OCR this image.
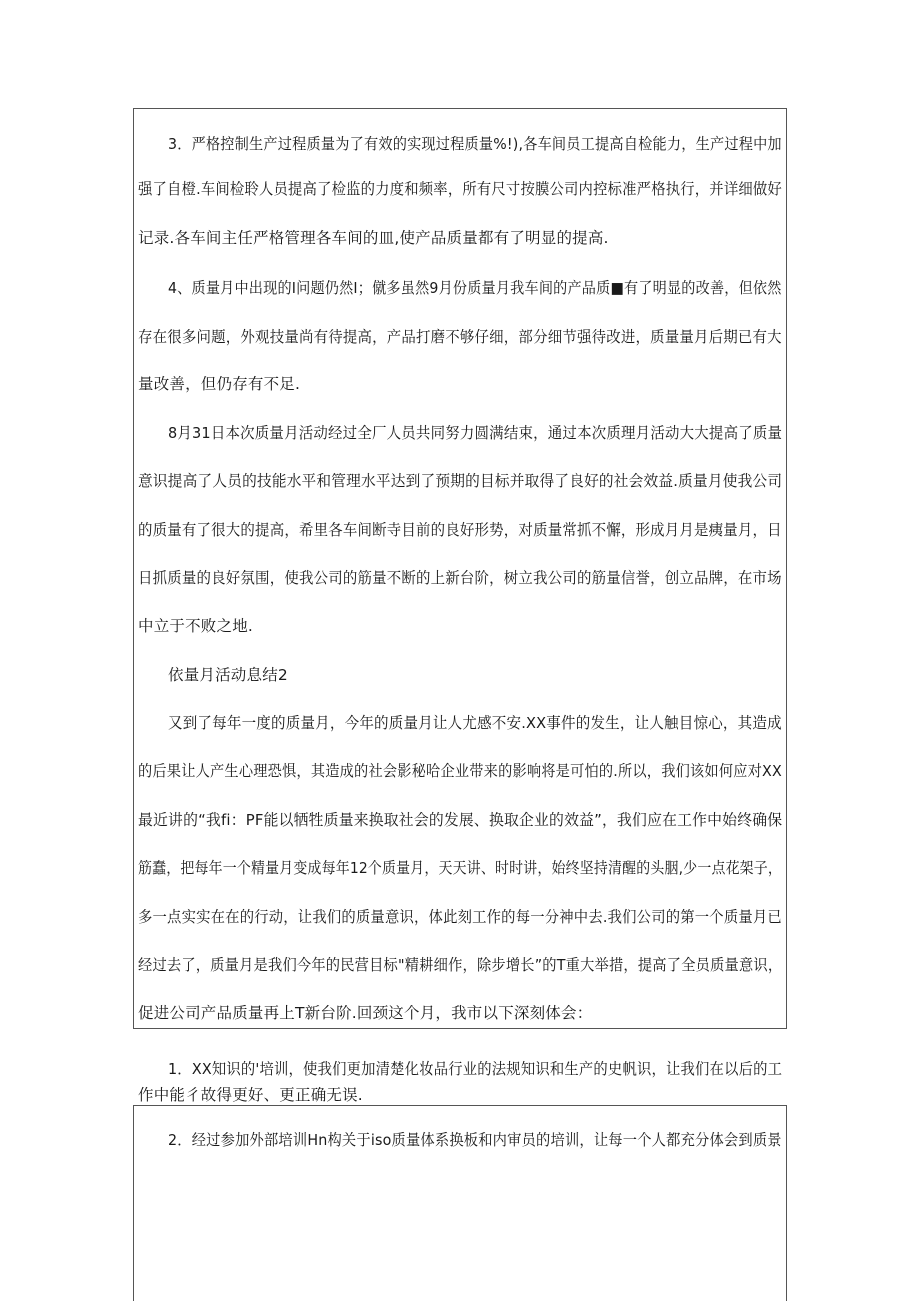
3．严格控制生产过程质量为了有效的实现过程质量%!),各车间员工提高自检能力，生产过程中加
强了自橙.车间检聆人员提高了检监的力度和频率，所有尺寸按膜公司内控标准严格执行，并详细做好
记录.各车间主任严格管理各车间的皿,使产品质量都有了明显的提高.
4、质量月中出现的I问题仍然I；僦多虽然9月份质量月我车间的产品质■有了明显的改善，但依然
存在很多问题，外观技量尚有待提高，产品打磨不够仔细，部分细节强待改进，质量量月后期已有大
量改善，但仍存有不足.
8月31日本次质量月活动经过全厂人员共同努力圆满结束，通过本次质理月活动大大提高了质量
意识提高了人员的技能水平和管理水平达到了预期的目标并取得了良好的社会效益.质量月使我公司
的质量有了很大的提高，希里各车间断寺目前的良好形势，对质量常抓不懈，形成月月是痍量月，日
日抓质量的良好氛围，使我公司的筋量不断的上新台阶，树立我公司的筋量信誉，创立品牌，在市场
中立于不败之地.
依量月活动息结2
又到了每年一度的质量月，今年的质量月让人尤感不安.XX事件的发生，让人触目惊心，其造成
的后果让人产生心理恐惧，其造成的社会影秘哈企业带来的影响将是可怕的.所以，我们该如何应对XX
最近讲的“我fi：PF能以牺牲质量来换取社会的发展、换取企业的效益”，我们应在工作中始终确保
筋蠢，把每年一个精量月变成每年12个质量月，天天讲、时时讲，始终坚持清醒的头胭,少一点花架子，
多一点实实在在的行动，让我们的质量意识，体此刻工作的每一分神中去.我们公司的第一个质量月已
经过去了，质量月是我们今年的民营目标"精耕细作，除步增长”的T重大举措，提高了全员质量意识，
促进公司产品质量再上T新台阶.回颈这个月，我市以下深刻体会：
1．XX知识的'培训，使我们更加清楚化妆品行业的法规知识和生产的史帆识，让我们在以后的工
作中能彳故得更好、更正确无误.
2．经过参加外部培训Hn构关于iso质量体系换板和内审员的培训，让每一个人都充分体会到质景
